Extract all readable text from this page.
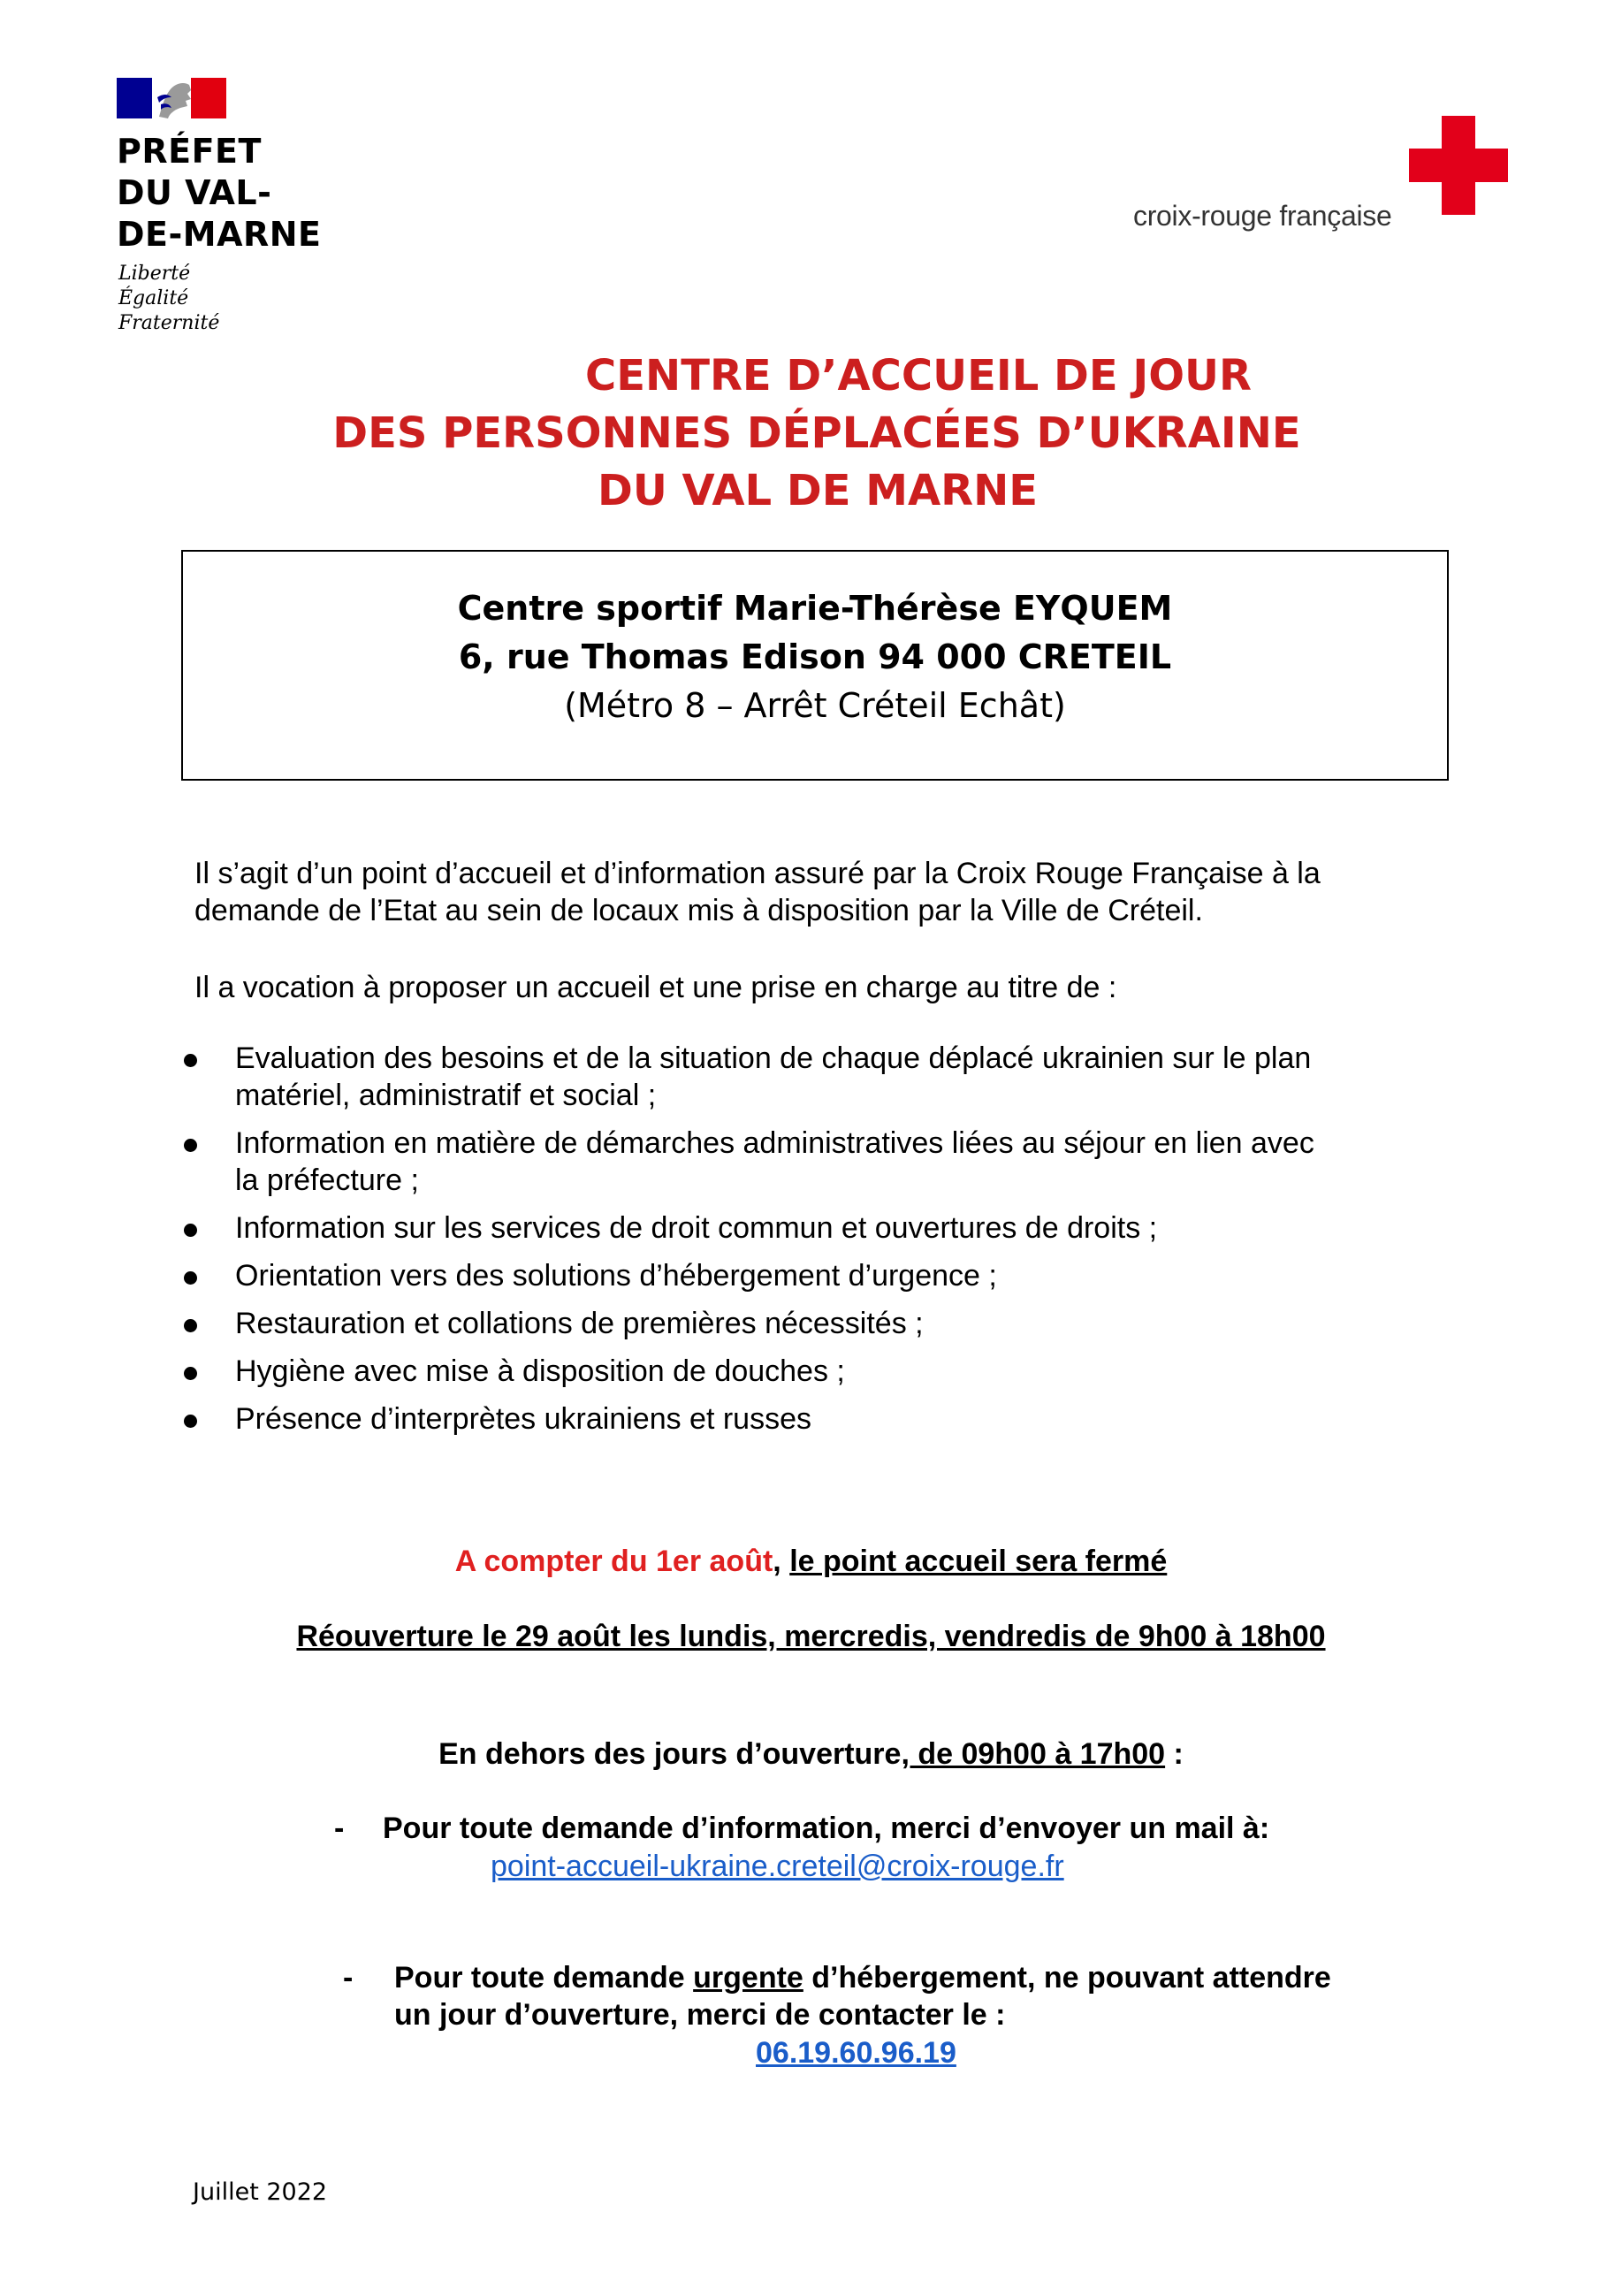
PRÉFET
DU VAL-
DE-MARNE
Liberté
Égalité
Fraternité
croix-rouge française
CENTRE D’ACCUEIL DE JOUR
DES PERSONNES DÉPLACÉES D’UKRAINE
DU VAL DE MARNE
Centre sportif Marie-Thérèse EYQUEM
6, rue Thomas Edison 94 000 CRETEIL
(Métro 8 – Arrêt Créteil Echât)
Il s’agit d’un point d’accueil et d’information assuré par la Croix Rouge Française à la
demande de l’Etat au sein de locaux mis à disposition par la Ville de Créteil.
Il a vocation à proposer un accueil et une prise en charge au titre de :
Evaluation des besoins et de la situation de chaque déplacé ukrainien sur le plan
matériel, administratif et social ;
Information en matière de démarches administratives liées au séjour en lien avec
la préfecture ;
Information sur les services de droit commun et ouvertures de droits ;
Orientation vers des solutions d’hébergement d’urgence ;
Restauration et collations de premières nécessités ;
Hygiène avec mise à disposition de douches ;
Présence d’interprètes ukrainiens et russes
A compter du 1er août, le point accueil sera fermé
Réouverture le 29 août les lundis, mercredis, vendredis de 9h00 à 18h00
En dehors des jours d’ouverture, de 09h00 à 17h00 :
- Pour toute demande d’information, merci d’envoyer un mail à:
point-accueil-ukraine.creteil@croix-rouge.fr
- Pour toute demande urgente d’hébergement, ne pouvant attendre
un jour d’ouverture, merci de contacter le :
06.19.60.96.19
Juillet 2022
